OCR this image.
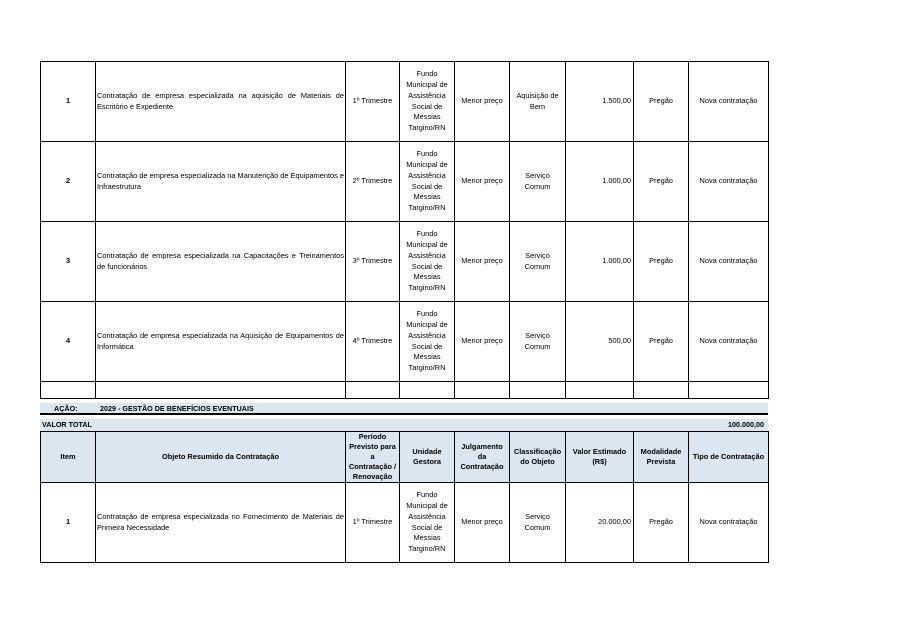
1	Contratação de empresa especializada na aquisição de Materiais de Escritório e Expediente	1º Trimestre	Fundo Municipal de Assistência Social de Messias Targino/RN	Menor preço	Aquisição de Bem	1.500,00	Pregão	Nova contratação
2	Contratação de empresa especializada na Manutenção de Equipamentos e Infraestrutura	2º Trimestre	Fundo Municipal de Assistência Social de Messias Targino/RN	Menor preço	Serviço Comum	1.000,00	Pregão	Nova contratação
3	Contratação de empresa especializada na Capacitações e Treinamentos de funcionários	3º Trimestre	Fundo Municipal de Assistência Social de Messias Targino/RN	Menor preço	Serviço Comum	1.000,00	Pregão	Nova contratação
4	Contratação de empresa especializada na Aquisição de Equipamentos de Informática	4º Trimestre	Fundo Municipal de Assistência Social de Messias Targino/RN	Menor preço	Serviço Comum	500,00	Pregão	Nova contratação

AÇÃO:	2029 - GESTÃO DE BENEFÍCIOS EVENTUAIS
VALOR TOTAL	100.000,00
Item	Objeto Resumido da Contratação	Período Previsto para a Contratação / Renovação	Unidade Gestora	Julgamento da Contratação	Classificação do Objeto	Valor Estimado (R$)	Modalidade Prevista	Tipo de Contratação
1	Contratação de empresa especializada no Fornecimento de Materiais de Primeira Necessidade	1º Trimestre	Fundo Municipal de Assistência Social de Messias Targino/RN	Menor preço	Serviço Comum	20.000,00	Pregão	Nova contratação
